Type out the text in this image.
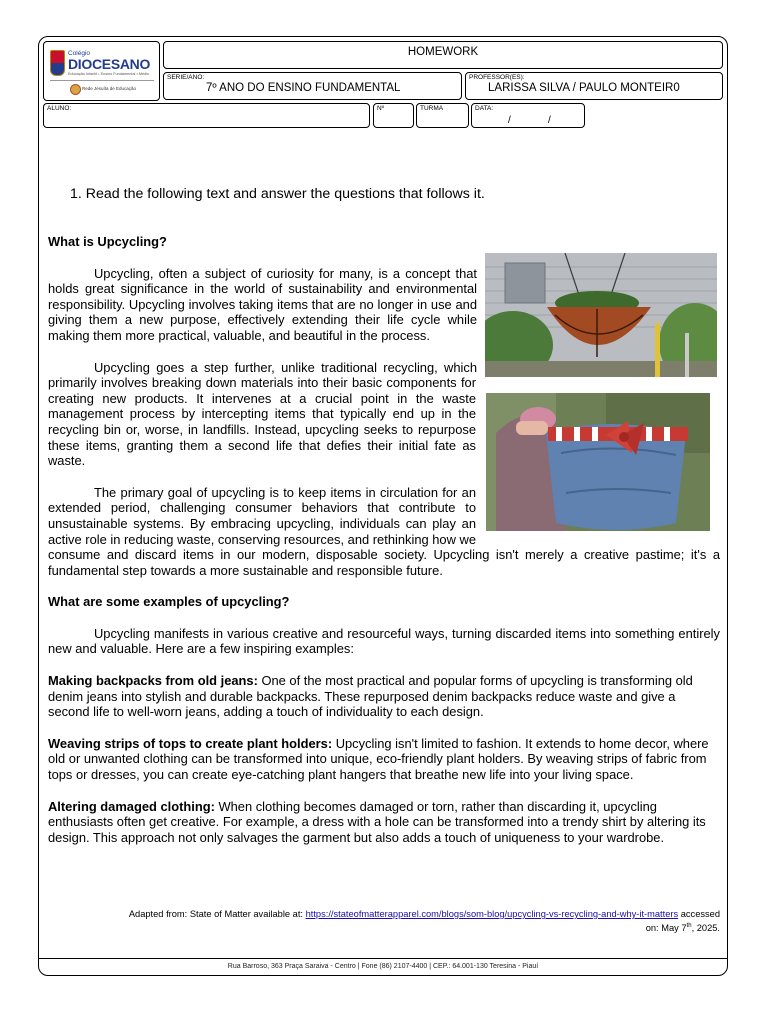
Colégio
DIOCESANO
Educação Infantil • Ensino Fundamental • Médio
Rede Jesuíta de Educação
HOMEWORK
SERIE/ANO:
7º ANO DO ENSINO FUNDAMENTAL
PROFESSOR(ES):
LARISSA SILVA / PAULO MONTEIR0
ALUNO:	Nº	TURMA	DATA:
/	/
1. Read the following text and answer the questions that follows it.

What is Upcycling?

Upcycling, often a subject of curiosity for many, is a concept that holds great significance in the world of sustainability and environmental responsibility. Upcycling involves taking items that are no longer in use and giving them a new purpose, effectively extending their life cycle while making them more practical, valuable, and beautiful in the process.

Upcycling goes a step further, unlike traditional recycling, which primarily involves breaking down materials into their basic components for creating new products. It intervenes at a crucial point in the waste management process by intercepting items that typically end up in the recycling bin or, worse, in landfills. Instead, upcycling seeks to repurpose these items, granting them a second life that defies their initial fate as waste.

The primary goal of upcycling is to keep items in circulation for an extended period, challenging consumer behaviors that contribute to unsustainable systems. By embracing upcycling, individuals can play an active role in reducing waste, conserving resources, and rethinking how we consume and discard items in our modern, disposable society. Upcycling isn't merely a creative pastime; it's a fundamental step towards a more sustainable and responsible future.

What are some examples of upcycling?

Upcycling manifests in various creative and resourceful ways, turning discarded items into something entirely new and valuable. Here are a few inspiring examples:

Making backpacks from old jeans: One of the most practical and popular forms of upcycling is transforming old denim jeans into stylish and durable backpacks. These repurposed denim backpacks reduce waste and give a second life to well-worn jeans, adding a touch of individuality to each design.

Weaving strips of tops to create plant holders: Upcycling isn't limited to fashion. It extends to home decor, where old or unwanted clothing can be transformed into unique, eco-friendly plant holders. By weaving strips of fabric from tops or dresses, you can create eye-catching plant hangers that breathe new life into your living space.

Altering damaged clothing: When clothing becomes damaged or torn, rather than discarding it, upcycling enthusiasts often get creative. For example, a dress with a hole can be transformed into a trendy shirt by altering its design. This approach not only salvages the garment but also adds a touch of uniqueness to your wardrobe.

Adapted from: State of Matter available at: https://stateofmatterapparel.com/blogs/som-blog/upcycling-vs-recycling-and-why-it-matters accessed
on: May 7th, 2025.
Rua Barroso, 363 Praça Saraiva - Centro | Fone (86) 2107-4400 | CEP.: 64.001-130 Teresina - Piauí
